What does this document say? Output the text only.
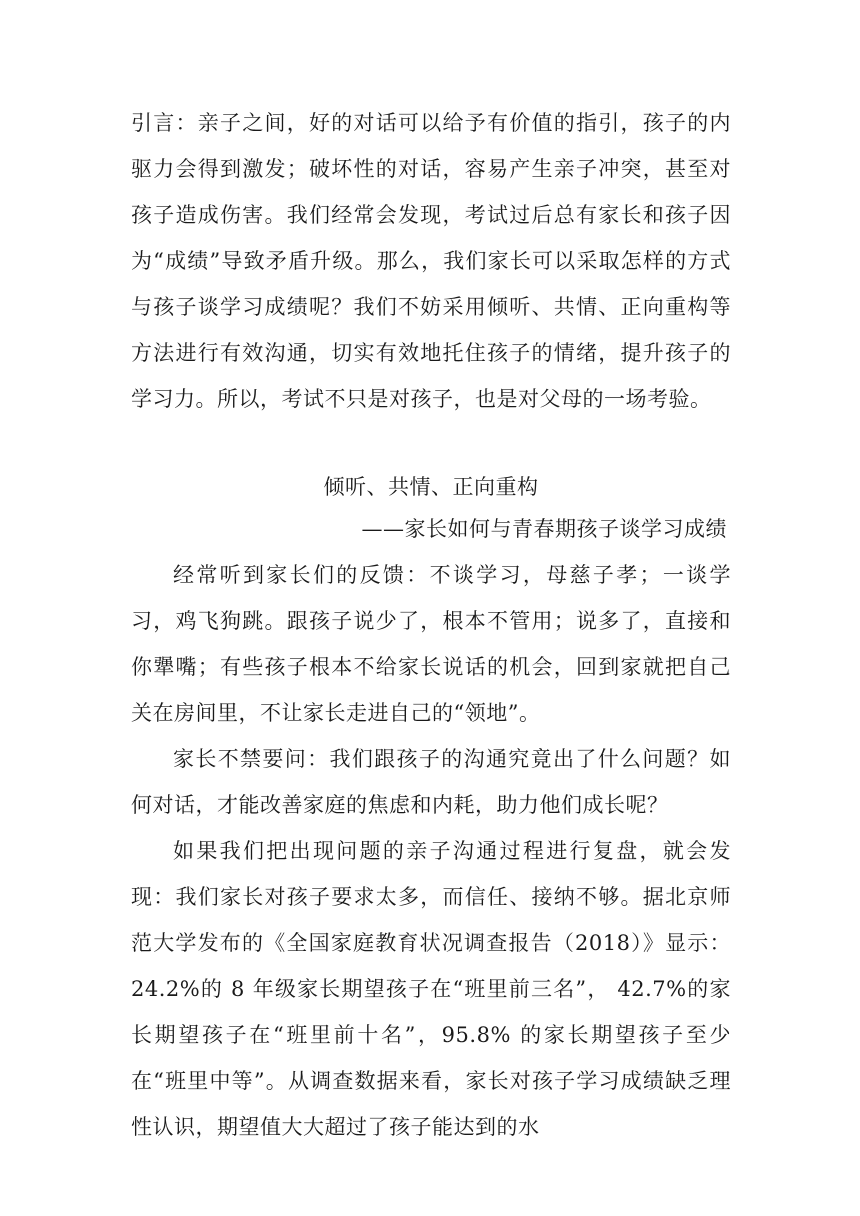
引言：亲子之间，好的对话可以给予有价值的指引，孩子的内驱力会得到激发；破坏性的对话，容易产生亲子冲突，甚至对孩子造成伤害。我们经常会发现，考试过后总有家长和孩子因为“成绩”导致矛盾升级。那么，我们家长可以采取怎样的方式与孩子谈学习成绩呢？我们不妨采用倾听、共情、正向重构等方法进行有效沟通，切实有效地托住孩子的情绪，提升孩子的学习力。所以，考试不只是对孩子，也是对父母的一场考验。
倾听、共情、正向重构
——家长如何与青春期孩子谈学习成绩

经常听到家长们的反馈：不谈学习，母慈子孝；一谈学习，鸡飞狗跳。跟孩子说少了，根本不管用；说多了，直接和你犟嘴；有些孩子根本不给家长说话的机会，回到家就把自己关在房间里，不让家长走进自己的“领地”。

家长不禁要问：我们跟孩子的沟通究竟出了什么问题？如何对话，才能改善家庭的焦虑和内耗，助力他们成长呢？

如果我们把出现问题的亲子沟通过程进行复盘，就会发现：我们家长对孩子要求太多，而信任、接纳不够。据北京师范大学发布的《全国家庭教育状况调查报告（2018）》显示：24.2%的 8 年级家长期望孩子在“班里前三名”， 42.7%的家长期望孩子在“班里前十名”，95.8% 的家长期望孩子至少在“班里中等”。从调查数据来看，家长对孩子学习成绩缺乏理性认识，期望值大大超过了孩子能达到的水
